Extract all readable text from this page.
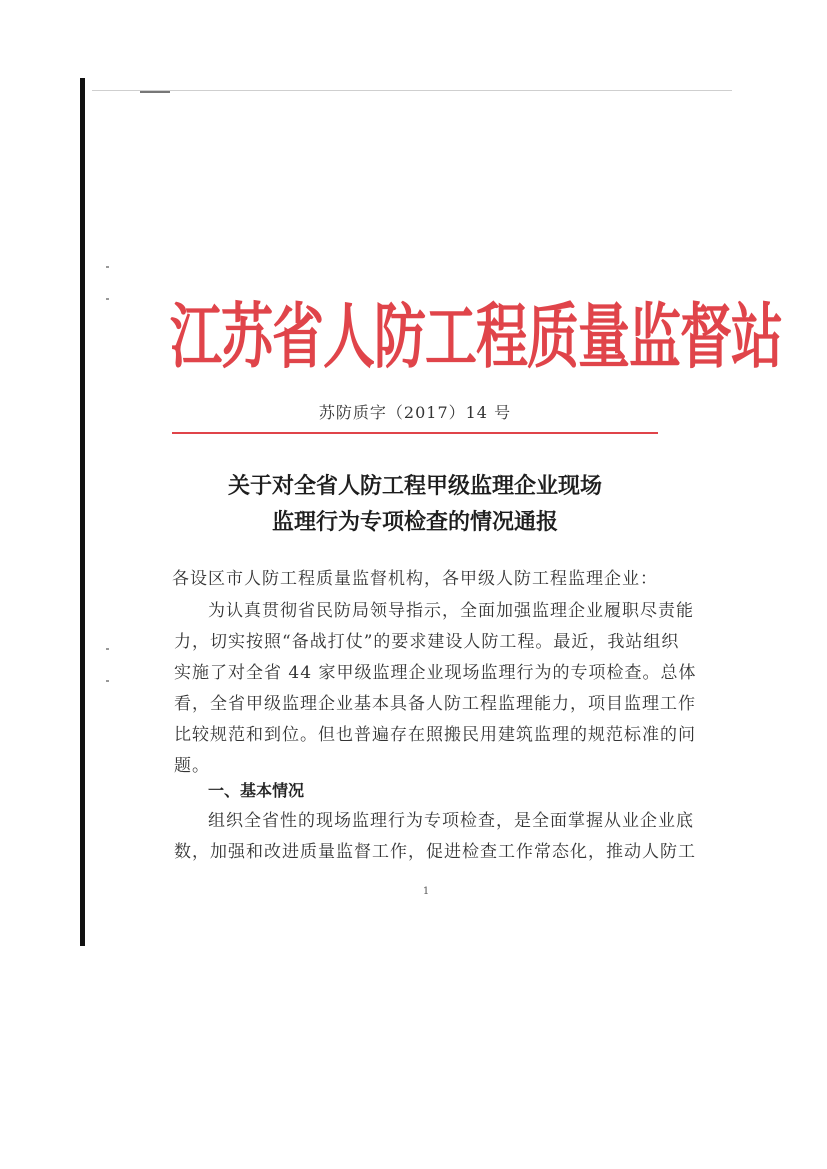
江苏省人防工程质量监督站
苏防质字（2017）14 号
关于对全省人防工程甲级监理企业现场
监理行为专项检查的情况通报
各设区市人防工程质量监督机构，各甲级人防工程监理企业：
为认真贯彻省民防局领导指示，全面加强监理企业履职尽责能
力，切实按照“备战打仗”的要求建设人防工程。最近，我站组织
实施了对全省 44 家甲级监理企业现场监理行为的专项检查。总体
看，全省甲级监理企业基本具备人防工程监理能力，项目监理工作
比较规范和到位。但也普遍存在照搬民用建筑监理的规范标准的问
题。
一、基本情况
组织全省性的现场监理行为专项检查，是全面掌握从业企业底
数，加强和改进质量监督工作，促进检查工作常态化，推动人防工
1
